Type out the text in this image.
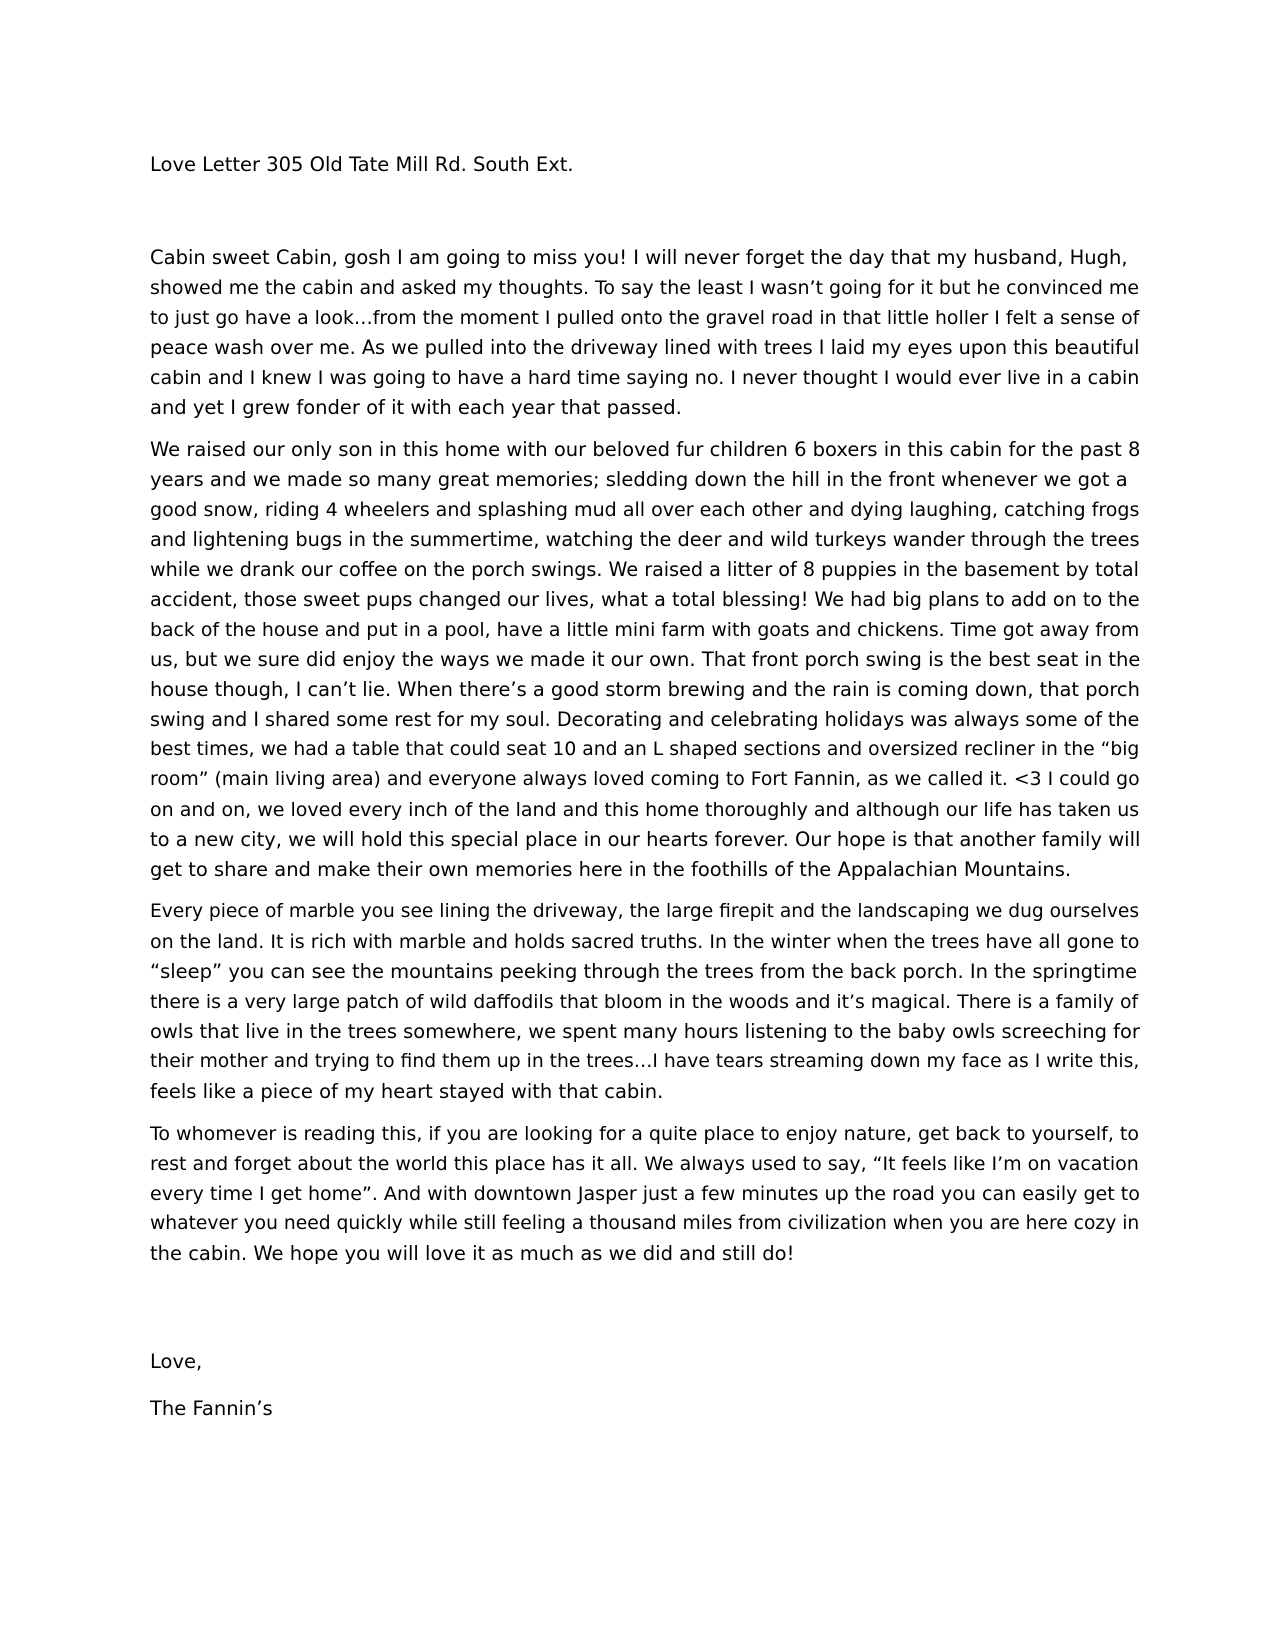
Love Letter 305 Old Tate Mill Rd. South Ext.
Cabin sweet Cabin, gosh I am going to miss you! I will never forget the day that my husband, Hugh,
showed me the cabin and asked my thoughts. To say the least I wasn’t going for it but he convinced me
to just go have a look…from the moment I pulled onto the gravel road in that little holler I felt a sense of
peace wash over me. As we pulled into the driveway lined with trees I laid my eyes upon this beautiful
cabin and I knew I was going to have a hard time saying no. I never thought I would ever live in a cabin
and yet I grew fonder of it with each year that passed.
We raised our only son in this home with our beloved fur children 6 boxers in this cabin for the past 8
years and we made so many great memories; sledding down the hill in the front whenever we got a
good snow, riding 4 wheelers and splashing mud all over each other and dying laughing, catching frogs
and lightening bugs in the summertime, watching the deer and wild turkeys wander through the trees
while we drank our coffee on the porch swings. We raised a litter of 8 puppies in the basement by total
accident, those sweet pups changed our lives, what a total blessing! We had big plans to add on to the
back of the house and put in a pool, have a little mini farm with goats and chickens. Time got away from
us, but we sure did enjoy the ways we made it our own. That front porch swing is the best seat in the
house though, I can’t lie. When there’s a good storm brewing and the rain is coming down, that porch
swing and I shared some rest for my soul. Decorating and celebrating holidays was always some of the
best times, we had a table that could seat 10 and an L shaped sections and oversized recliner in the “big
room” (main living area) and everyone always loved coming to Fort Fannin, as we called it. <3 I could go
on and on, we loved every inch of the land and this home thoroughly and although our life has taken us
to a new city, we will hold this special place in our hearts forever. Our hope is that another family will
get to share and make their own memories here in the foothills of the Appalachian Mountains.
Every piece of marble you see lining the driveway, the large firepit and the landscaping we dug ourselves
on the land. It is rich with marble and holds sacred truths. In the winter when the trees have all gone to
“sleep” you can see the mountains peeking through the trees from the back porch. In the springtime
there is a very large patch of wild daffodils that bloom in the woods and it’s magical. There is a family of
owls that live in the trees somewhere, we spent many hours listening to the baby owls screeching for
their mother and trying to find them up in the trees…I have tears streaming down my face as I write this,
feels like a piece of my heart stayed with that cabin.
To whomever is reading this, if you are looking for a quite place to enjoy nature, get back to yourself, to
rest and forget about the world this place has it all. We always used to say, “It feels like I’m on vacation
every time I get home”. And with downtown Jasper just a few minutes up the road you can easily get to
whatever you need quickly while still feeling a thousand miles from civilization when you are here cozy in
the cabin. We hope you will love it as much as we did and still do!
Love,
The Fannin’s
